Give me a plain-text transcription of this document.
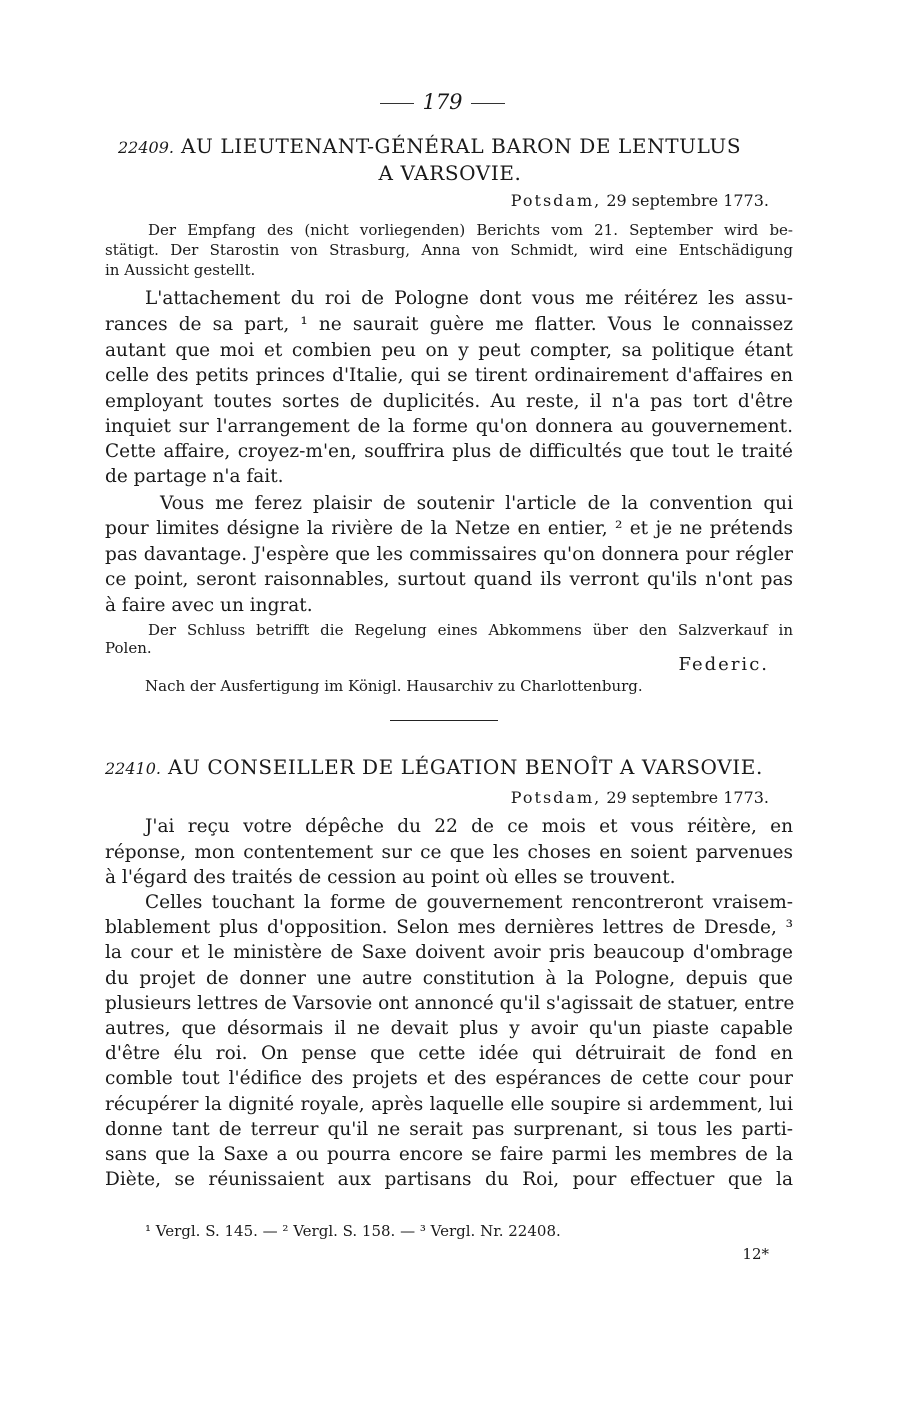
179
22409. AU LIEUTENANT-GÉNÉRAL BARON DE LENTULUS
A VARSOVIE.
Potsdam, 29 septembre 1773.
Der Empfang des (nicht vorliegenden) Berichts vom 21. September wird be-
stätigt. Der Starostin von Strasburg, Anna von Schmidt, wird eine Entschädigung
in Aussicht gestellt.
L'attachement du roi de Pologne dont vous me réitérez les assu-
rances de sa part, ¹ ne saurait guère me flatter. Vous le connaissez
autant que moi et combien peu on y peut compter, sa politique étant
celle des petits princes d'Italie, qui se tirent ordinairement d'affaires en
employant toutes sortes de duplicités. Au reste, il n'a pas tort d'être
inquiet sur l'arrangement de la forme qu'on donnera au gouvernement.
Cette affaire, croyez-m'en, souffrira plus de difficultés que tout le traité
de partage n'a fait.
Vous me ferez plaisir de soutenir l'article de la convention qui
pour limites désigne la rivière de la Netze en entier, ² et je ne prétends
pas davantage. J'espère que les commissaires qu'on donnera pour régler
ce point, seront raisonnables, surtout quand ils verront qu'ils n'ont pas
à faire avec un ingrat.
Der Schluss betrifft die Regelung eines Abkommens über den Salzverkauf in
Polen.
Federic.
Nach der Ausfertigung im Königl. Hausarchiv zu Charlottenburg.
22410. AU CONSEILLER DE LÉGATION BENOÎT A VARSOVIE.
Potsdam, 29 septembre 1773.
J'ai reçu votre dépêche du 22 de ce mois et vous réitère, en
réponse, mon contentement sur ce que les choses en soient parvenues
à l'égard des traités de cession au point où elles se trouvent.
Celles touchant la forme de gouvernement rencontreront vraisem-
blablement plus d'opposition. Selon mes dernières lettres de Dresde, ³
la cour et le ministère de Saxe doivent avoir pris beaucoup d'ombrage
du projet de donner une autre constitution à la Pologne, depuis que
plusieurs lettres de Varsovie ont annoncé qu'il s'agissait de statuer, entre
autres, que désormais il ne devait plus y avoir qu'un piaste capable
d'être élu roi. On pense que cette idée qui détruirait de fond en
comble tout l'édifice des projets et des espérances de cette cour pour
récupérer la dignité royale, après laquelle elle soupire si ardemment, lui
donne tant de terreur qu'il ne serait pas surprenant, si tous les parti-
sans que la Saxe a ou pourra encore se faire parmi les membres de la
Diète, se réunissaient aux partisans du Roi, pour effectuer que la
¹ Vergl. S. 145. — ² Vergl. S. 158. — ³ Vergl. Nr. 22408.
12*
